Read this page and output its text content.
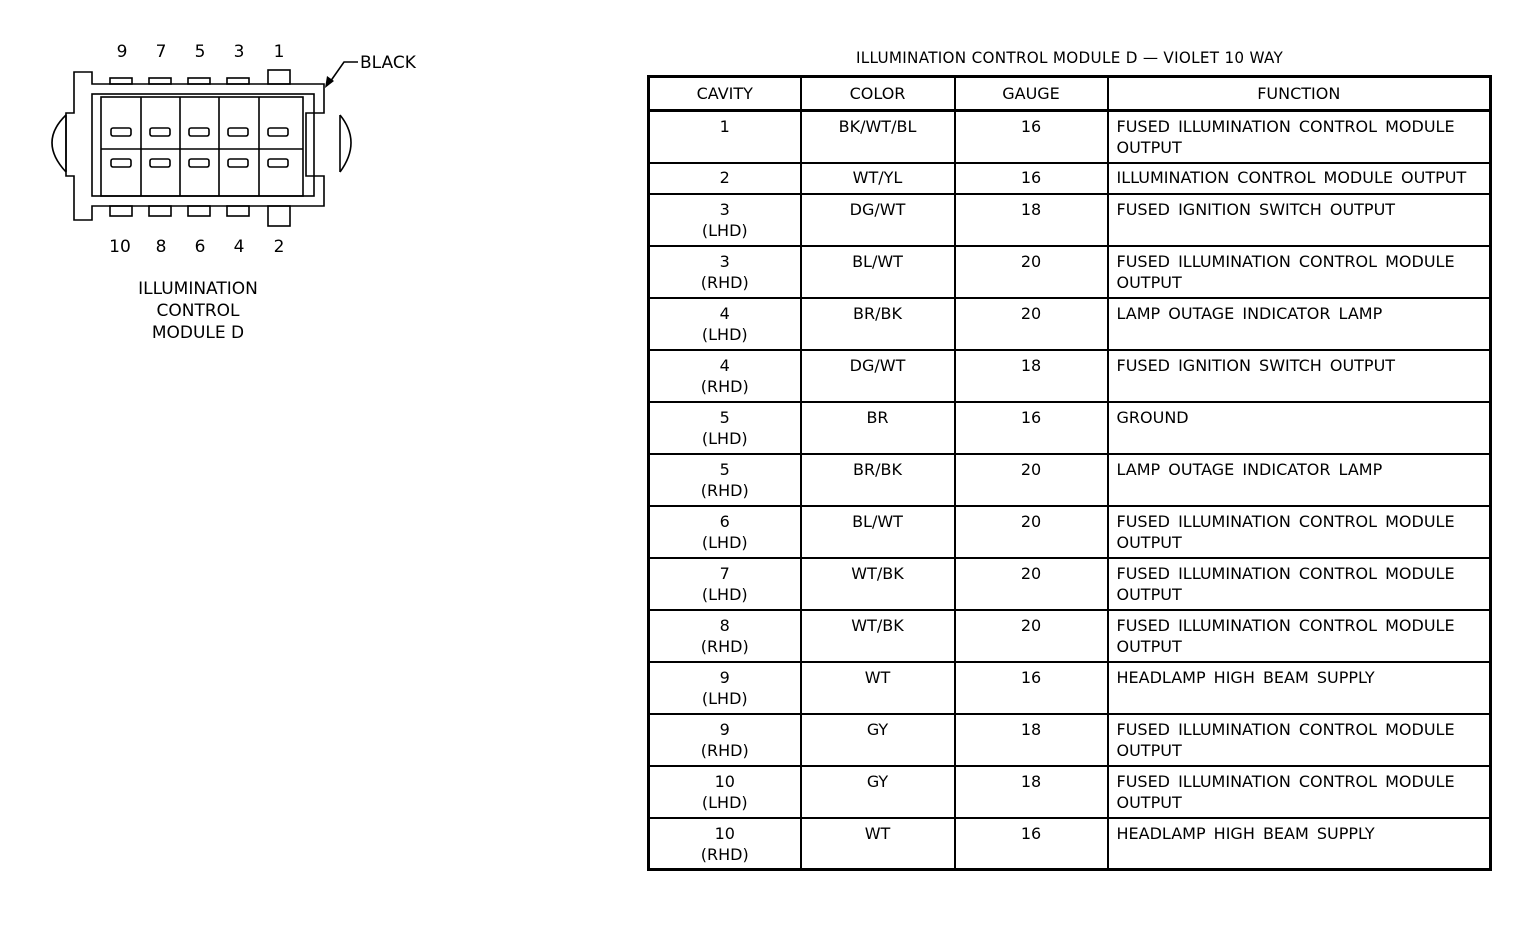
9 7 5 3 1
10 8 6 4 2
BLACK
ILLUMINATION
CONTROL
MODULE D
ILLUMINATION CONTROL MODULE D — VIOLET 10 WAY
CAVITY	COLOR	GAUGE	FUNCTION

1	BK/WT/BL	16	FUSED ILLUMINATION CONTROL MODULE OUTPUT

2	WT/YL	16	ILLUMINATION CONTROL MODULE OUTPUT

3
(LHD)	DG/WT	18	FUSED IGNITION SWITCH OUTPUT

3
(RHD)	BL/WT	20	FUSED ILLUMINATION CONTROL MODULE OUTPUT

4
(LHD)	BR/BK	20	LAMP OUTAGE INDICATOR LAMP

4
(RHD)	DG/WT	18	FUSED IGNITION SWITCH OUTPUT

5
(LHD)	BR	16	GROUND

5
(RHD)	BR/BK	20	LAMP OUTAGE INDICATOR LAMP

6
(LHD)	BL/WT	20	FUSED ILLUMINATION CONTROL MODULE OUTPUT

7
(LHD)	WT/BK	20	FUSED ILLUMINATION CONTROL MODULE OUTPUT

8
(RHD)	WT/BK	20	FUSED ILLUMINATION CONTROL MODULE OUTPUT

9
(LHD)	WT	16	HEADLAMP HIGH BEAM SUPPLY

9
(RHD)	GY	18	FUSED ILLUMINATION CONTROL MODULE OUTPUT

10
(LHD)	GY	18	FUSED ILLUMINATION CONTROL MODULE OUTPUT

10
(RHD)	WT	16	HEADLAMP HIGH BEAM SUPPLY
